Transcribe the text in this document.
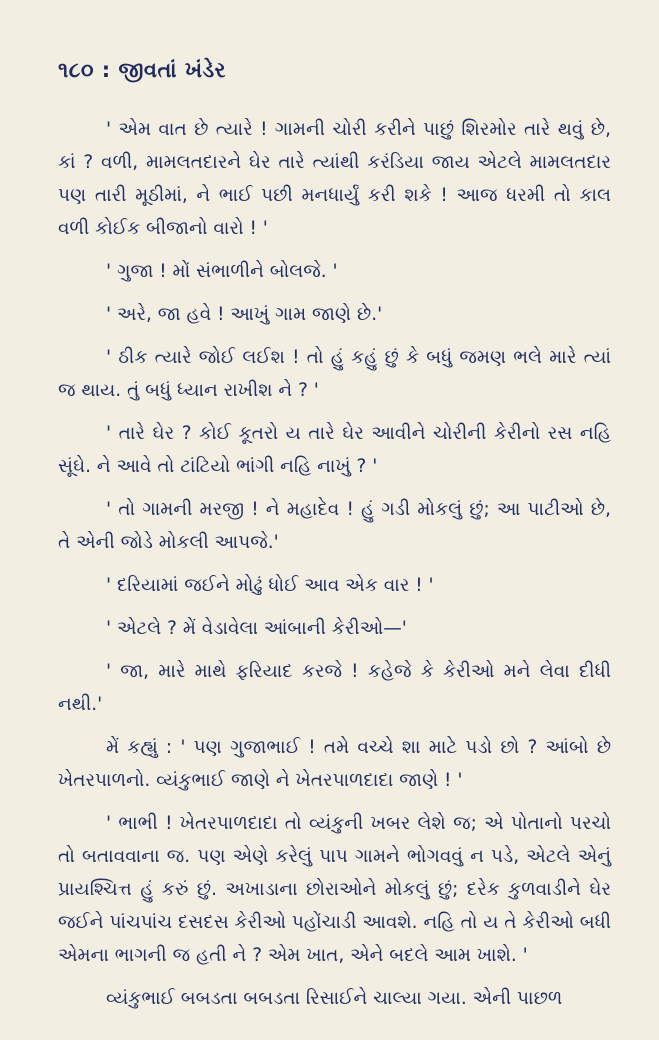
૧૮૦ : જીવતાં ખંડેર

' એમ વાત છે ત્યારે ! ગામની ચોરી કરીને પાછું શિરમોર તારે થવું છે, કાં ? વળી, મામલતદારને ઘેર તારે ત્યાંથી કરંડિયા જાય એટલે મામલતદાર પણ તારી મૂઠીમાં, ને ભાઈ પછી મનધાર્યું કરી શકે ! આજ ધરમી તો કાલ વળી કોઈક બીજાનો વારો ! '

' ગુજા ! મોં સંભાળીને બોલજે. '

' અરે, જા હવે ! આખું ગામ જાણે છે.'

' ઠીક ત્યારે જોઈ લઈશ ! તો હું કહું છું કે બધું જમણ ભલે મારે ત્યાં જ થાય. તું બધું ધ્યાન રાખીશ ને ? '

' તારે ઘેર ? કોઈ કૂતરો ય તારે ઘેર આવીને ચોરીની કેરીનો રસ નહિ સૂંઘે. ને આવે તો ટાંટિયો ભાંગી નહિ નાખું ? '

' તો ગામની મરજી ! ને મહાદેવ ! હું ગડી મોકલું છું; આ પાટીઓ છે, તે એની જોડે મોકલી આપજે.'

' દરિયામાં જઈને મોઢું ધોઈ આવ એક વાર ! '

' એટલે ? મેં વેડાવેલા આંબાની કેરીઓ—'

' જા, મારે માથે ફરિયાદ કરજે ! કહેજે કે કેરીઓ મને લેવા દીધી નથી.'

મેં કહ્યું : ' પણ ગુજાભાઈ ! તમે વચ્ચે શા માટે પડો છો ? આંબો છે ખેતરપાળનો. વ્યંકુભાઈ જાણે ને ખેતરપાળદાદા જાણે ! '

' ભાભી ! ખેતરપાળદાદા તો વ્યંકુની ખબર લેશે જ; એ પોતાનો પરચો તો બતાવવાના જ. પણ એણે કરેલું પાપ ગામને ભોગવવું ન પડે, એટલે એનું પ્રાયશ્ચિત્ત હું કરું છું. અખાડાના છોરાઓને મોકલું છું; દરેક કુળવાડીને ઘેર જઈને પાંચપાંચ દસદસ કેરીઓ પહોંચાડી આવશે. નહિ તો ય તે કેરીઓ બધી એમના ભાગની જ હતી ને ? એમ ખાત, એને બદલે આમ ખાશે. '

વ્યંકુભાઈ બબડતા બબડતા રિસાઈને ચાલ્યા ગયા. એની પાછળ
